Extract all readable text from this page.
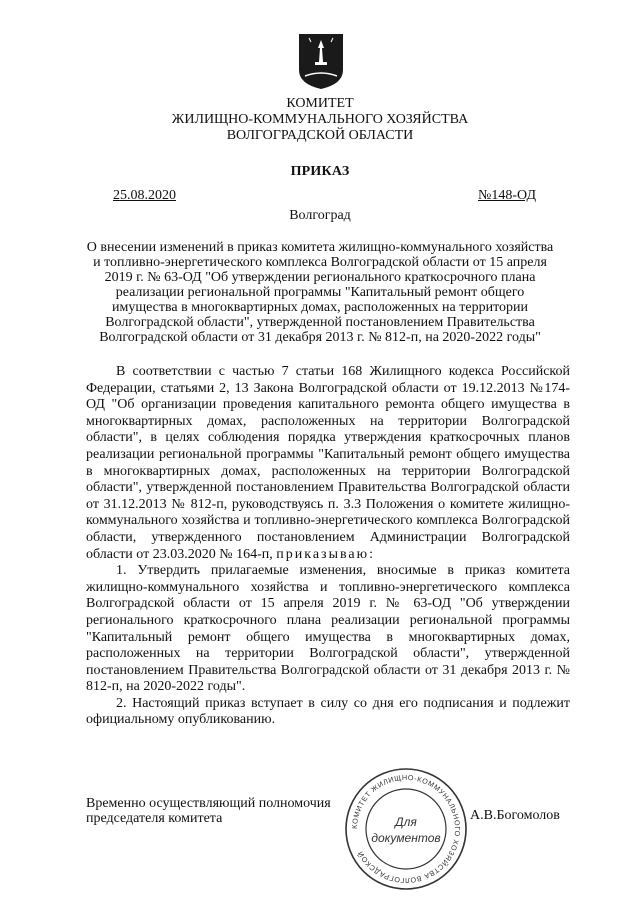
КОМИТЕТ
ЖИЛИЩНО-КОММУНАЛЬНОГО ХОЗЯЙСТВА
ВОЛГОГРАДСКОЙ ОБЛАСТИ
ПРИКАЗ
25.08.2020	№148-ОД
Волгоград
О внесении изменений в приказ комитета жилищно-коммунального хозяйства и топливно-энергетического комплекса Волгоградской области от 15 апреля 2019 г. № 63-ОД "Об утверждении регионального краткосрочного плана реализации региональной программы "Капитальный ремонт общего имущества в многоквартирных домах, расположенных на территории Волгоградской области", утвержденной постановлением Правительства Волгоградской области от 31 декабря 2013 г. № 812-п, на 2020-2022 годы"

В соответствии с частью 7 статьи 168 Жилищного кодекса Российской Федерации, статьями 2, 13 Закона Волгоградской области от 19.12.2013 №174-ОД "Об организации проведения капитального ремонта общего имущества в многоквартирных домах, расположенных на территории Волгоградской области", в целях соблюдения порядка утверждения краткосрочных планов реализации региональной программы "Капитальный ремонт общего имущества в многоквартирных домах, расположенных на территории Волгоградской области", утвержденной постановлением Правительства Волгоградской области от 31.12.2013 № 812-п, руководствуясь п. 3.3 Положения о комитете жилищно-коммунального хозяйства и топливно-энергетического комплекса Волгоградской области, утвержденного постановлением Администрации Волгоградской области от 23.03.2020 № 164-п, приказываю:

1. Утвердить прилагаемые изменения, вносимые в приказ комитета жилищно-коммунального хозяйства и топливно-энергетического комплекса Волгоградской области от 15 апреля 2019 г. № 63-ОД "Об утверждении регионального краткосрочного плана реализации региональной программы "Капитальный ремонт общего имущества в многоквартирных домах, расположенных на территории Волгоградской области", утвержденной постановлением Правительства Волгоградской области от 31 декабря 2013 г. № 812-п, на 2020-2022 годы".

2. Настоящий приказ вступает в силу со дня его подписания и подлежит официальному опубликованию.

Временно осуществляющий полномочия
председателя комитета	А.В.Богомолов
КОМИТЕТ ЖИЛИЩНО-КОММУНАЛЬНОГО ХОЗЯЙСТВА ВОЛГОГРАДСКОЙ
Для
документов
